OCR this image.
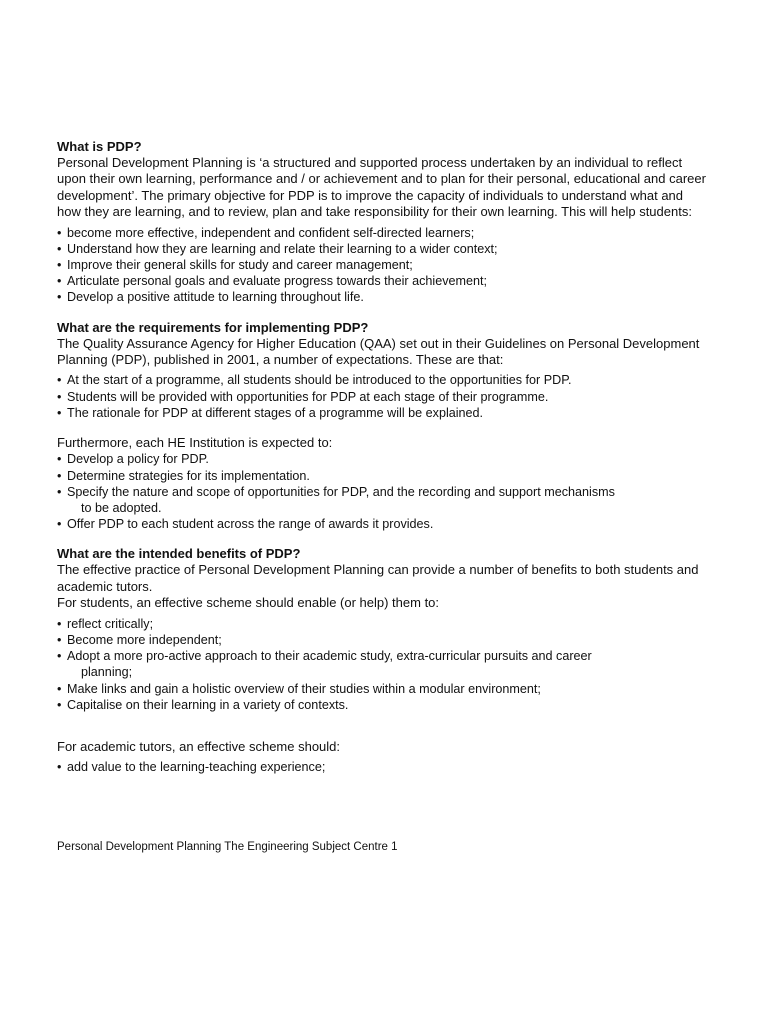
What is PDP?

Personal Development Planning is ‘a structured and supported process undertaken by an individual to reflect upon their own learning, performance and / or achievement and to plan for their personal, educational and career development’. The primary objective for PDP is to improve the capacity of individuals to understand what and how they are learning, and to review, plan and take responsibility for their own learning. This will help students:

• become more effective, independent and confident self-directed learners;
• Understand how they are learning and relate their learning to a wider context;
• Improve their general skills for study and career management;
• Articulate personal goals and evaluate progress towards their achievement;
• Develop a positive attitude to learning throughout life.
What are the requirements for implementing PDP?

The Quality Assurance Agency for Higher Education (QAA) set out in their Guidelines on Personal Development Planning (PDP), published in 2001, a number of expectations. These are that:

• At the start of a programme, all students should be introduced to the opportunities for PDP.
• Students will be provided with opportunities for PDP at each stage of their programme.
• The rationale for PDP at different stages of a programme will be explained.

Furthermore, each HE Institution is expected to:

• Develop a policy for PDP.
• Determine strategies for its implementation.
• Specify the nature and scope of opportunities for PDP, and the recording and support mechanisms
to be adopted.
• Offer PDP to each student across the range of awards it provides.
What are the intended benefits of PDP?

The effective practice of Personal Development Planning can provide a number of benefits to both students and academic tutors.

For students, an effective scheme should enable (or help) them to:

• reflect critically;
• Become more independent;
• Adopt a more pro-active approach to their academic study, extra-curricular pursuits and career
planning;
• Make links and gain a holistic overview of their studies within a modular environment;
• Capitalise on their learning in a variety of contexts.

For academic tutors, an effective scheme should:

• add value to the learning-teaching experience;
Personal Development Planning The Engineering Subject Centre 1
